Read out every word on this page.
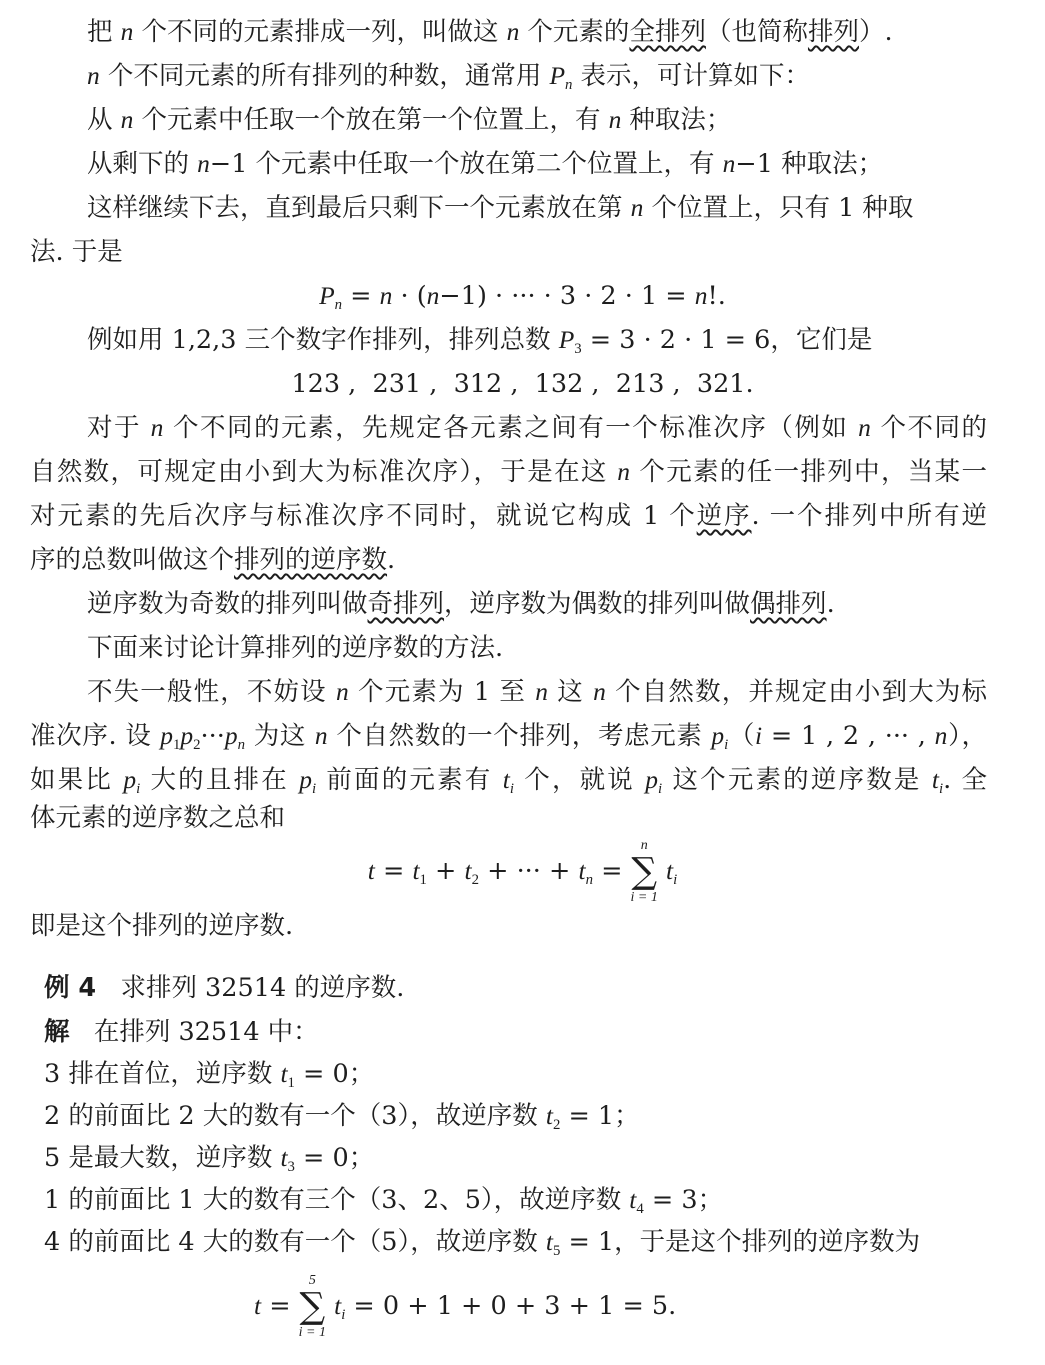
把 n 个不同的元素排成一列，叫做这 n 个元素的全排列（也简称排列）.
n 个不同元素的所有排列的种数，通常用 $P_n$ 表示，可计算如下：
从 n 个元素中任取一个放在第一个位置上，有 n 种取法；
从剩下的 n−1 个元素中任取一个放在第二个位置上，有 n−1 种取法；
这样继续下去，直到最后只剩下一个元素放在第 n 个位置上，只有 1 种取
法. 于是
$P_n = n \cdot (n-1)$ · ··· · 3 · 2 · 1 = n!.
例如用 1,2,3 三个数字作排列，排列总数 $P_3 = 3 \cdot 2 \cdot 1 = 6$，它们是
123 ,  231 ,  312 ,  132 ,  213 ,  321.
对于 n 个不同的元素，先规定各元素之间有一个标准次序（例如 n 个不同的
自然数，可规定由小到大为标准次序），于是在这 n 个元素的任一排列中，当某一
对元素的先后次序与标准次序不同时，就说它构成 1 个逆序. 一个排列中所有逆
序的总数叫做这个排列的逆序数.
逆序数为奇数的排列叫做奇排列，逆序数为偶数的排列叫做偶排列.
下面来讨论计算排列的逆序数的方法.
不失一般性，不妨设 n 个元素为 1 至 n 这 n 个自然数，并规定由小到大为标
准次序. 设 $p_1p_2\cdot\cdot\cdot p_n$ 为这 n 个自然数的一个排列，考虑元素 $p_i(i = 1$ , 2 , ··· , n），
如果比 $p_i$ 大的且排在 $p_i$ 前面的元素有 $t_i$ 个，就说 $p_i$ 这个元素的逆序数是 $t_i$. 全
体元素的逆序数之总和
$t = t_1 + t_2$ + ··· + $t_n$ =
n
∑
i = 1
$t_i$
即是这个排列的逆序数.
例 4 求排列 32514 的逆序数.
解 在排列 32514 中：
3 排在首位，逆序数 $t_1 = 0$；
2 的前面比 2 大的数有一个（3），故逆序数 $t_2 = 1$；
5 是最大数，逆序数 $t_3 = 0$；
1 的前面比 1 大的数有三个（3、2、5），故逆序数 $t_4 = 3$；
4 的前面比 4 大的数有一个（5），故逆序数 $t_5 = 1$，于是这个排列的逆序数为
t =
5
∑
i = 1
$t_i = 0 + 1 + 0 + 3 + 1 = 5$.
